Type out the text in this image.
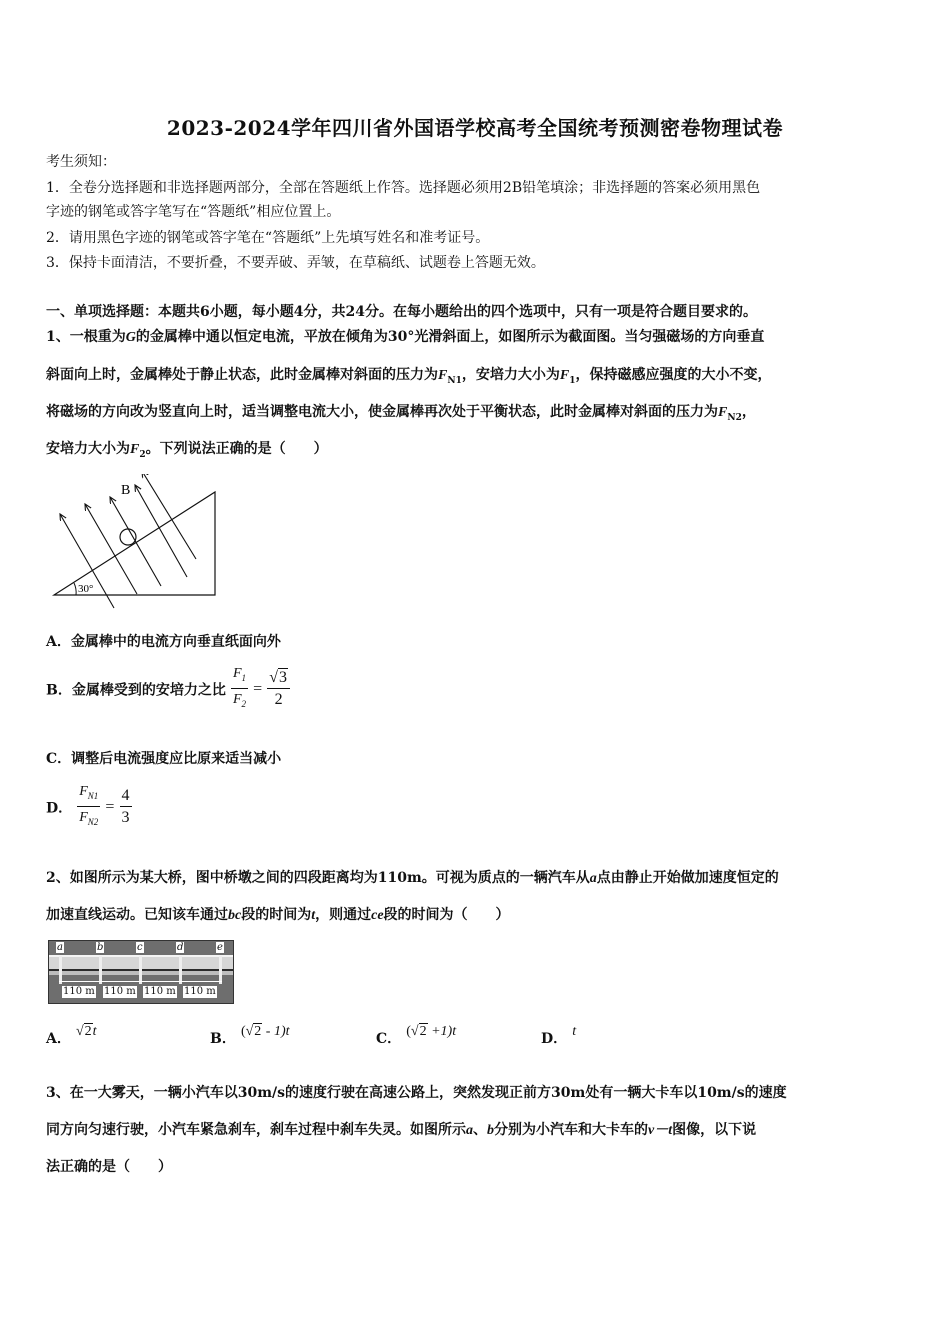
2023-2024学年四川省外国语学校高考全国统考预测密卷物理试卷
考生须知：
1．全卷分选择题和非选择题两部分，全部在答题纸上作答。选择题必须用2B铅笔填涂；非选择题的答案必须用黑色
字迹的钢笔或答字笔写在“答题纸”相应位置上。
2．请用黑色字迹的钢笔或答字笔在“答题纸”上先填写姓名和准考证号。
3．保持卡面清洁，不要折叠，不要弄破、弄皱，在草稿纸、试题卷上答题无效。
一、单项选择题：本题共6小题，每小题4分，共24分。在每小题给出的四个选项中，只有一项是符合题目要求的。
1、一根重为G的金属棒中通以恒定电流，平放在倾角为30°光滑斜面上，如图所示为截面图。当匀强磁场的方向垂直
斜面向上时，金属棒处于静止状态，此时金属棒对斜面的压力为$F_{N1}$，安培力大小为$F_1$，保持磁感应强度的大小不变，
将磁场的方向改为竖直向上时，适当调整电流大小，使金属棒再次处于平衡状态，此时金属棒对斜面的压力为$F_{N2}$，
安培力大小为$F_2$。下列说法正确的是（　　）
B
30°
A．金属棒中的电流方向垂直纸面向外
B．金属棒受到的安培力之比 $\frac{F_1}{F_2} = \frac{√3}{2}$
C．调整后电流强度应比原来适当减小
D． $\frac{F_{N1}}{F_{N2}} = \frac{4}{3}$
2、如图所示为某大桥，图中桥墩之间的四段距离均为110m。可视为质点的一辆汽车从a点由静止开始做加速度恒定的
加速直线运动。已知该车通过bc段的时间为t，则通过ce段的时间为（　　）
a	b	c	d	e
110 m 110 m 110 m 110 m
A． √2t	B． (√2 - 1)t	C． (√2 +1)t	D． t
3、在一大雾天，一辆小汽车以30m/s的速度行驶在高速公路上，突然发现正前方30m处有一辆大卡车以10m/s的速度
同方向匀速行驶，小汽车紧急刹车，刹车过程中刹车失灵。如图所示a、b分别为小汽车和大卡车的v－t图像，以下说
法正确的是（　　）
